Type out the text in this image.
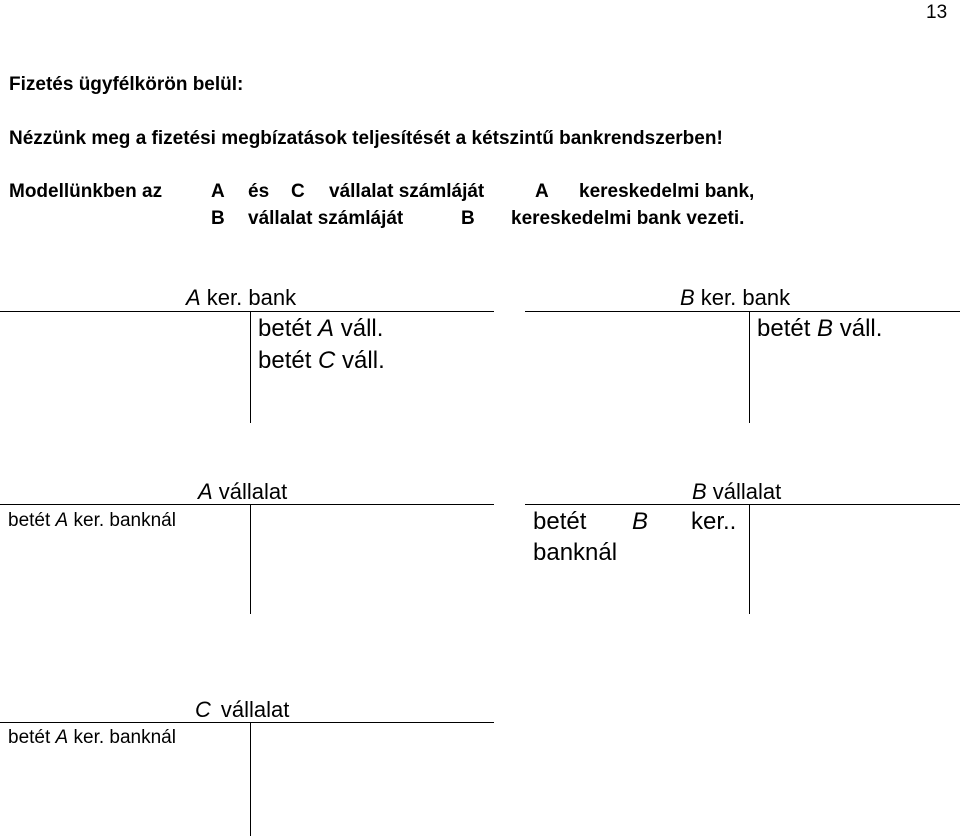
13
Fizetés ügyfélkörön belül:
Nézzünk meg a fizetési megbízatások teljesítését a kétszintű bankrendszerben!
Modellünkben az	A és C vállalat számláját	A kereskedelmi bank,
B vállalat számláját	B kereskedelmi bank vezeti.
A ker. bank
betét A váll.
betét C váll.
B ker. bank
betét B váll.
A vállalat
betét A ker. banknál
B vállalat
betét B ker..
banknál
C vállalat
betét A ker. banknál
